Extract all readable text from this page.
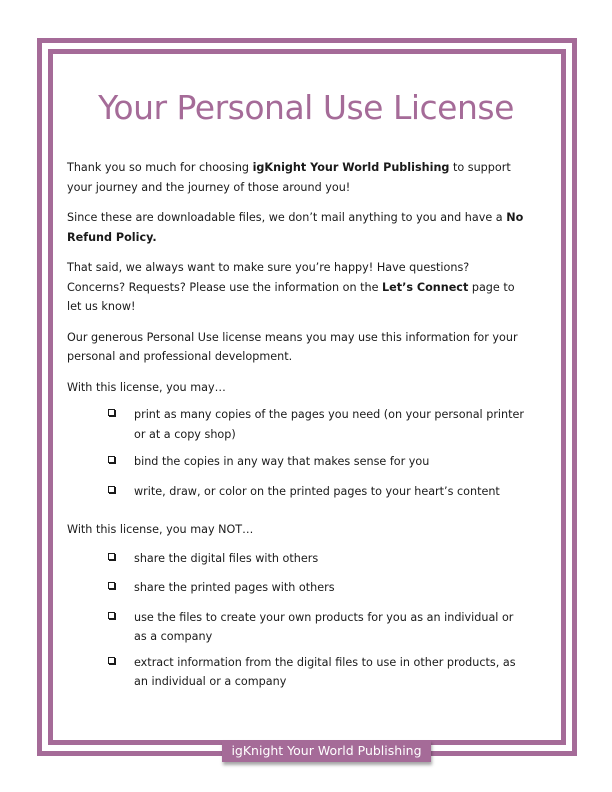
Your Personal Use License

Thank you so much for choosing igKnight Your World Publishing to support your journey and the journey of those around you!

Since these are downloadable files, we don’t mail anything to you and have a No Refund Policy.

That said, we always want to make sure you’re happy! Have questions? Concerns? Requests? Please use the information on the Let’s Connect page to let us know!

Our generous Personal Use license means you may use this information for your personal and professional development.

With this license, you may…

print as many copies of the pages you need (on your personal printer or at a copy shop)
bind the copies in any way that makes sense for you
write, draw, or color on the printed pages to your heart’s content

With this license, you may NOT…

share the digital files with others
share the printed pages with others
use the files to create your own products for you as an individual or as a company
extract information from the digital files to use in other products, as an individual or a company
igKnight Your World Publishing
